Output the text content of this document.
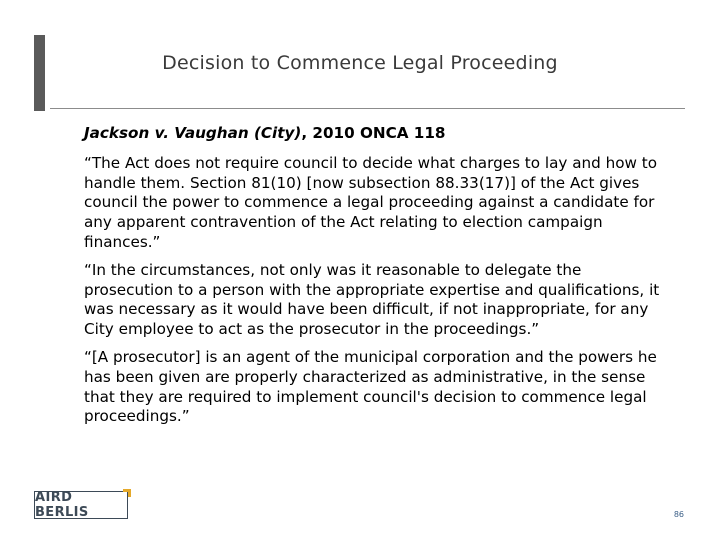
Decision to Commence Legal Proceeding

Jackson v. Vaughan (City), 2010 ONCA 118

“The Act does not require council to decide what charges to lay and how to handle them. Section 81(10) [now subsection 88.33(17)] of the Act gives council the power to commence a legal proceeding against a candidate for any apparent contravention of the Act relating to election campaign finances.”

“In the circumstances, not only was it reasonable to delegate the prosecution to a person with the appropriate expertise and qualifications, it was necessary as it would have been difficult, if not inappropriate, for any City employee to act as the prosecutor in the proceedings.”

“[A prosecutor] is an agent of the municipal corporation and the powers he has been given are properly characterized as administrative, in the sense that they are required to implement council's decision to commence legal proceedings.”

AIRD BERLIS	86
